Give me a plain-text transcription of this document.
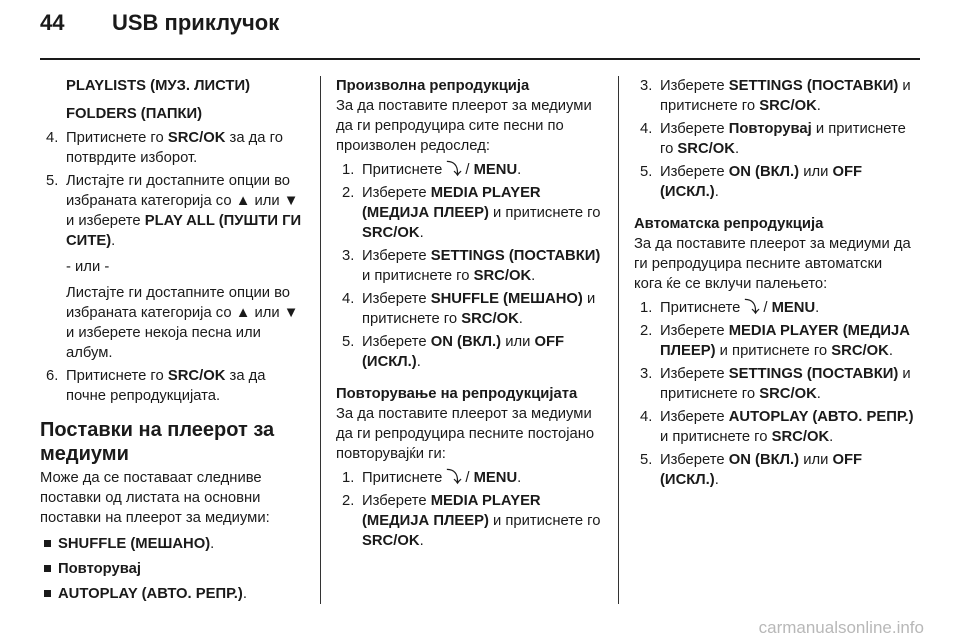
44 USB приклучок
PLAYLISTS (МУЗ. ЛИСТИ)
FOLDERS (ПАПКИ)
4. Притиснете го SRC/OK за да го потврдите изборот.
5. Листајте ги достапните опции во избраната категорија со ▲ или ▼ и изберете PLAY ALL (ПУШТИ ГИ СИТЕ).
- или -
Листајте ги достапните опции во избраната категорија со ▲ или ▼ и изберете некоја песна или албум.
6. Притиснете го SRC/OK за да почне репродукцијата.
Поставки на плеерот за медиуми
Може да се поставаат следниве поставки од листата на основни поставки на плеерот за медиуми:
SHUFFLE (МЕШАНО).
Повторувај
AUTOPLAY (АВТО. РЕПР.).
Произволна репродукција
За да поставите плеерот за медиуми да ги репродуцира сите песни по произволен редослед:
1. Притиснете ⤵ / MENU.
2. Изберете MEDIA PLAYER (МЕДИЈА ПЛЕЕР) и притиснете го SRC/OK.
3. Изберете SETTINGS (ПОСТАВКИ) и притиснете го SRC/OK.
4. Изберете SHUFFLE (МЕШАНО) и притиснете го SRC/OK.
5. Изберете ON (ВКЛ.) или OFF (ИСКЛ.).
Повторување на репродукцијата
За да поставите плеерот за медиуми да ги репродуцира песните постојано повторувајќи ги:
1. Притиснете ⤵ / MENU.
2. Изберете MEDIA PLAYER (МЕДИЈА ПЛЕЕР) и притиснете го SRC/OK.
3. Изберете SETTINGS (ПОСТАВКИ) и притиснете го SRC/OK.
4. Изберете Повторувај и притиснете го SRC/OK.
5. Изберете ON (ВКЛ.) или OFF (ИСКЛ.).
Автоматска репродукција
За да поставите плеерот за медиуми да ги репродуцира песните автоматски кога ќе се вклучи палењето:
1. Притиснете ⤵ / MENU.
2. Изберете MEDIA PLAYER (МЕДИЈА ПЛЕЕР) и притиснете го SRC/OK.
3. Изберете SETTINGS (ПОСТАВКИ) и притиснете го SRC/OK.
4. Изберете AUTOPLAY (АВТО. РЕПР.) и притиснете го SRC/OK.
5. Изберете ON (ВКЛ.) или OFF (ИСКЛ.).
carmanualsonline.info
